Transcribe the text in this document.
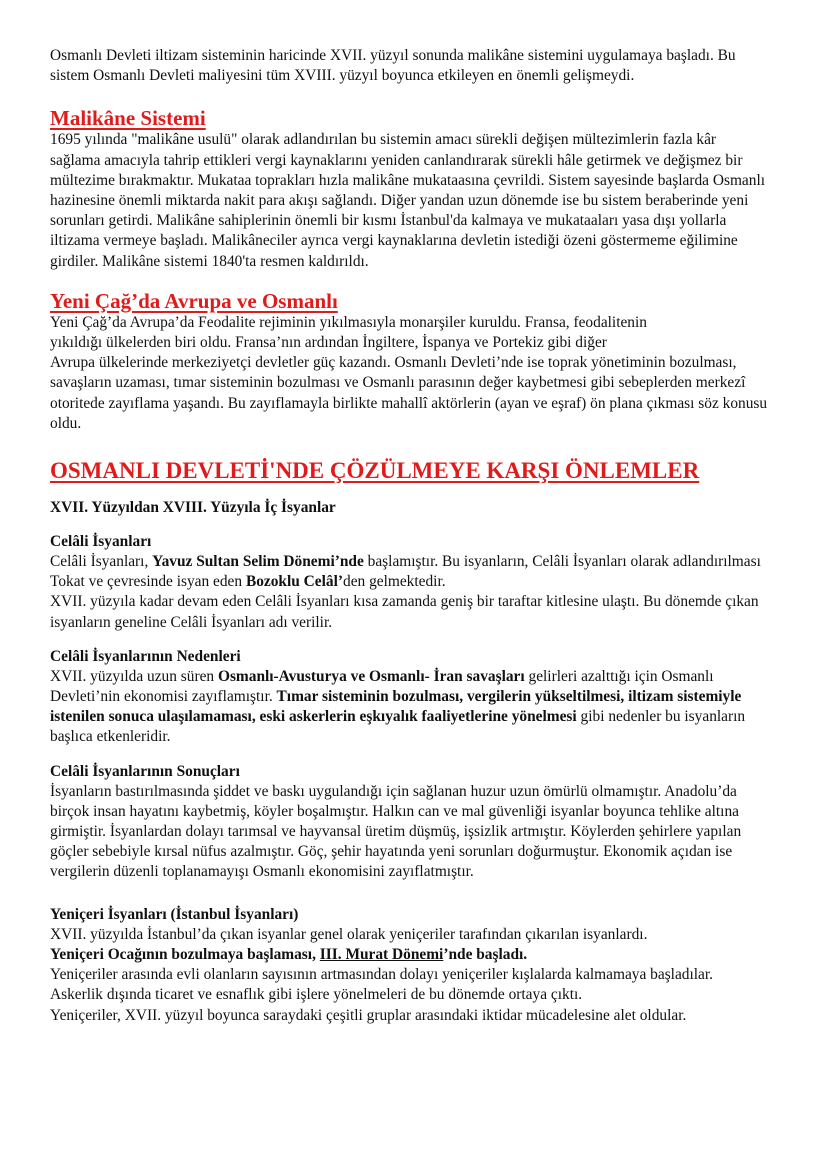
Osmanlı Devleti iltizam sisteminin haricinde XVII. yüzyıl sonunda malikâne sistemini uygulamaya başladı. Bu sistem Osmanlı Devleti maliyesini tüm XVIII. yüzyıl boyunca etkileyen en önemli gelişmeydi.

Malikâne Sistemi

1695 yılında "malikâne usulü" olarak adlandırılan bu sistemin amacı sürekli değişen mültezimlerin fazla kâr sağlama amacıyla tahrip ettikleri vergi kaynaklarını yeniden canlandırarak sürekli hâle getirmek ve değişmez bir mültezime bırakmaktır. Mukataa toprakları hızla malikâne mukataasına çevrildi. Sistem sayesinde başlarda Osmanlı hazinesine önemli miktarda nakit para akışı sağlandı. Diğer yandan uzun dönemde ise bu sistem beraberinde yeni sorunları getirdi. Malikâne sahiplerinin önemli bir kısmı İstanbul'da kalmaya ve mukataaları yasa dışı yollarla iltizama vermeye başladı. Malikâneciler ayrıca vergi kaynaklarına devletin istediği özeni göstermeme eğilimine girdiler. Malikâne sistemi 1840'ta resmen kaldırıldı.

Yeni Çağ’da Avrupa ve Osmanlı

Yeni Çağ’da Avrupa’da Feodalite rejiminin yıkılmasıyla monarşiler kuruldu. Fransa, feodalitenin

yıkıldığı ülkelerden biri oldu. Fransa’nın ardından İngiltere, İspanya ve Portekiz gibi diğer

Avrupa ülkelerinde merkeziyetçi devletler güç kazandı. Osmanlı Devleti’nde ise toprak yönetiminin bozulması, savaşların uzaması, tımar sisteminin bozulması ve Osmanlı parasının değer kaybetmesi gibi sebeplerden merkezî otoritede zayıflama yaşandı. Bu zayıflamayla birlikte mahallî aktörlerin (ayan ve eşraf) ön plana çıkması söz konusu oldu.

OSMANLI DEVLETİ'NDE ÇÖZÜLMEYE KARŞI ÖNLEMLER
XVII. Yüzyıldan XVIII. Yüzyıla İç İsyanlar
Celâli İsyanları

Celâli İsyanları, Yavuz Sultan Selim Dönemi’nde başlamıştır. Bu isyanların, Celâli İsyanları olarak adlandırılması Tokat ve çevresinde isyan eden Bozoklu Celâl’den gelmektedir.

XVII. yüzyıla kadar devam eden Celâli İsyanları kısa zamanda geniş bir taraftar kitlesine ulaştı. Bu dönemde çıkan isyanların geneline Celâli İsyanları adı verilir.

Celâli İsyanlarının Nedenleri

XVII. yüzyılda uzun süren Osmanlı-Avusturya ve Osmanlı- İran savaşları gelirleri azalttığı için Osmanlı Devleti’nin ekonomisi zayıflamıştır. Tımar sisteminin bozulması, vergilerin yükseltilmesi, iltizam sistemiyle istenilen sonuca ulaşılamaması, eski askerlerin eşkıyalık faaliyetlerine yönelmesi gibi nedenler bu isyanların başlıca etkenleridir.

Celâli İsyanlarının Sonuçları

İsyanların bastırılmasında şiddet ve baskı uygulandığı için sağlanan huzur uzun ömürlü olmamıştır. Anadolu’da birçok insan hayatını kaybetmiş, köyler boşalmıştır. Halkın can ve mal güvenliği isyanlar boyunca tehlike altına girmiştir. İsyanlardan dolayı tarımsal ve hayvansal üretim düşmüş, işsizlik artmıştır. Köylerden şehirlere yapılan göçler sebebiyle kırsal nüfus azalmıştır. Göç, şehir hayatında yeni sorunları doğurmuştur. Ekonomik açıdan ise vergilerin düzenli toplanamayışı Osmanlı ekonomisini zayıflatmıştır.

Yeniçeri İsyanları (İstanbul İsyanları)

XVII. yüzyılda İstanbul’da çıkan isyanlar genel olarak yeniçeriler tarafından çıkarılan isyanlardı.

Yeniçeri Ocağının bozulmaya başlaması, III. Murat Dönemi’nde başladı.

Yeniçeriler arasında evli olanların sayısının artmasından dolayı yeniçeriler kışlalarda kalmamaya başladılar.

Askerlik dışında ticaret ve esnaflık gibi işlere yönelmeleri de bu dönemde ortaya çıktı.

Yeniçeriler, XVII. yüzyıl boyunca saraydaki çeşitli gruplar arasındaki iktidar mücadelesine alet oldular.
